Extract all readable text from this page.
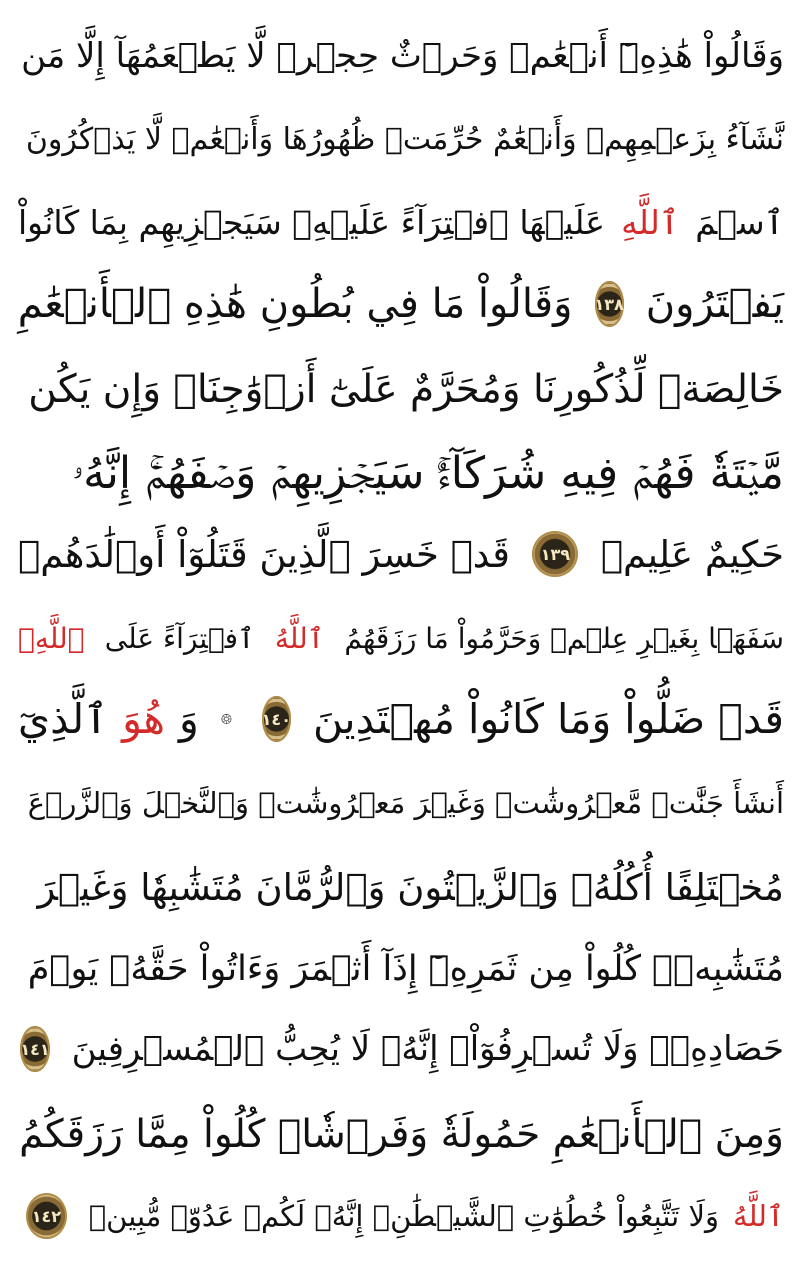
وَقَالُواْ هَٰذِهِۦٓ أَنۡعَٰمٞ وَحَرۡثٌ حِجۡرٞ لَّا يَطۡعَمُهَآ إِلَّا مَن
نَّشَآءُ بِزَعۡمِهِمۡ وَأَنۡعَٰمٌ حُرِّمَتۡ ظُهُورُهَا وَأَنۡعَٰمٞ لَّا يَذۡكُرُونَ
ٱسۡمَ
ٱللَّهِ
عَلَيۡهَا ٱفۡتِرَآءً عَلَيۡهِۚ سَيَجۡزِيهِم بِمَا كَانُواْ
يَفۡتَرُونَ
١٣٨
وَقَالُواْ مَا فِي بُطُونِ هَٰذِهِ ٱلۡأَنۡعَٰمِ
خَالِصَةٞ لِّذُكُورِنَا وَمُحَرَّمٌ عَلَىٰٓ أَزۡوَٰجِنَاۖ وَإِن يَكُن
مَّيۡتَةٗ فَهُمۡ فِيهِ شُرَكَآءُۚ سَيَجۡزِيهِمۡ وَصۡفَهُمۡۚ إِنَّهُۥ
حَكِيمٌ عَلِيمٞ
١٣٩
قَدۡ خَسِرَ ٱلَّذِينَ قَتَلُوٓاْ أَوۡلَٰدَهُمۡ
سَفَهَۢا بِغَيۡرِ عِلۡمٖ وَحَرَّمُواْ مَا رَزَقَهُمُ
ٱللَّهُ
ٱفۡتِرَآءً عَلَى
ٱللَّهِۚ
قَدۡ ضَلُّواْ وَمَا كَانُواْ مُهۡتَدِينَ
١٤٠
وَ
هُوَ
ٱلَّذِيٓ
أَنشَأَ جَنَّٰتٖ مَّعۡرُوشَٰتٖ وَغَيۡرَ مَعۡرُوشَٰتٖ وَٱلنَّخۡلَ وَٱلزَّرۡعَ
مُخۡتَلِفًا أُكُلُهُۥ وَٱلزَّيۡتُونَ وَٱلرُّمَّانَ مُتَشَٰبِهٗا وَغَيۡرَ
مُتَشَٰبِهٖۚ كُلُواْ مِن ثَمَرِهِۦٓ إِذَآ أَثۡمَرَ وَءَاتُواْ حَقَّهُۥ يَوۡمَ
حَصَادِهِۦۖ وَلَا تُسۡرِفُوٓاْۚ إِنَّهُۥ لَا يُحِبُّ ٱلۡمُسۡرِفِينَ
١٤١
وَمِنَ ٱلۡأَنۡعَٰمِ حَمُولَةٗ وَفَرۡشٗاۚ كُلُواْ مِمَّا رَزَقَكُمُ
ٱللَّهُ
وَلَا تَتَّبِعُواْ خُطُوَٰتِ ٱلشَّيۡطَٰنِۚ إِنَّهُۥ لَكُمۡ عَدُوّٞ مُّبِينٞ
١٤٢
